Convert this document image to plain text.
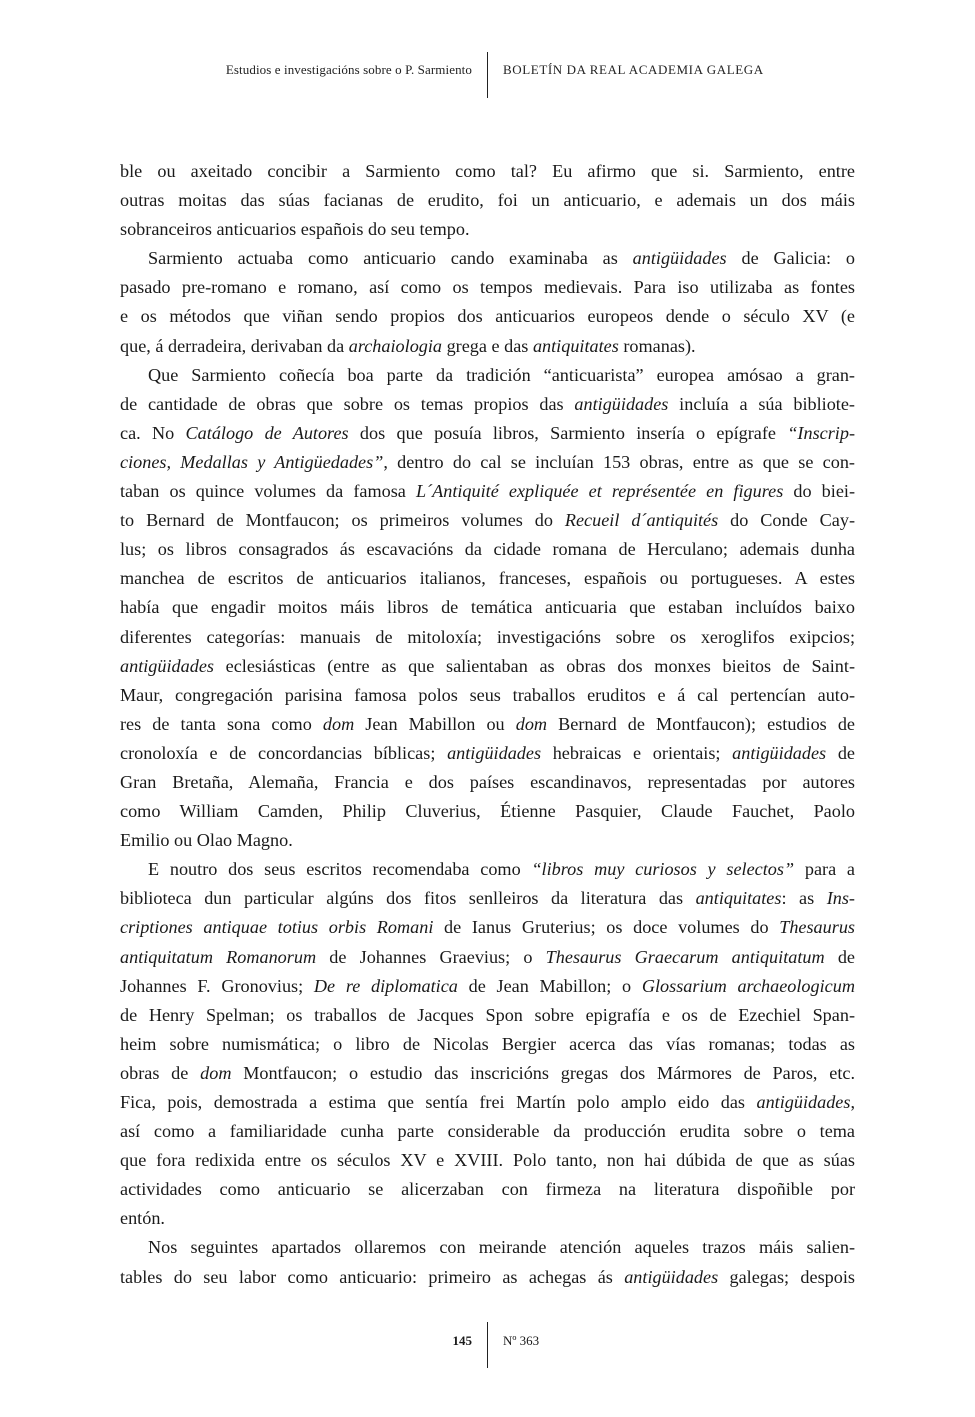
Estudios e investigacións sobre o P. Sarmiento BOLETÍN DA REAL ACADEMIA GALEGA
ble ou axeitado concibir a Sarmiento como tal? Eu afirmo que si. Sarmiento, entre
outras moitas das súas facianas de erudito, foi un anticuario, e ademais un dos máis
sobranceiros anticuarios españois do seu tempo.
Sarmiento actuaba como anticuario cando examinaba as antigüidades de Galicia: o
pasado pre-romano e romano, así como os tempos medievais. Para iso utilizaba as fontes
e os métodos que viñan sendo propios dos anticuarios europeos dende o século XV (e
que, á derradeira, derivaban da archaiologia grega e das antiquitates romanas).
Que Sarmiento coñecía boa parte da tradición “anticuarista” europea amósao a gran-
de cantidade de obras que sobre os temas propios das antigüidades incluía a súa bibliote-
ca. No Catálogo de Autores dos que posuía libros, Sarmiento insería o epígrafe “Inscrip-
ciones, Medallas y Antigüedades”, dentro do cal se incluían 153 obras, entre as que se con-
taban os quince volumes da famosa L´Antiquité expliquée et représentée en figures do biei-
to Bernard de Montfaucon; os primeiros volumes do Recueil d´antiquités do Conde Cay-
lus; os libros consagrados ás escavacións da cidade romana de Herculano; ademais dunha
manchea de escritos de anticuarios italianos, franceses, españois ou portugueses. A estes
había que engadir moitos máis libros de temática anticuaria que estaban incluídos baixo
diferentes categorías: manuais de mitoloxía; investigacións sobre os xeroglifos exipcios;
antigüidades eclesiásticas (entre as que salientaban as obras dos monxes bieitos de Saint-
Maur, congregación parisina famosa polos seus traballos eruditos e á cal pertencían auto-
res de tanta sona como dom Jean Mabillon ou dom Bernard de Montfaucon); estudios de
cronoloxía e de concordancias bíblicas; antigüidades hebraicas e orientais; antigüidades de
Gran Bretaña, Alemaña, Francia e dos países escandinavos, representadas por autores
como William Camden, Philip Cluverius, Étienne Pasquier, Claude Fauchet, Paolo
Emilio ou Olao Magno.
E noutro dos seus escritos recomendaba como “libros muy curiosos y selectos” para a
biblioteca dun particular algúns dos fitos senlleiros da literatura das antiquitates: as Ins-
criptiones antiquae totius orbis Romani de Ianus Gruterius; os doce volumes do Thesaurus
antiquitatum Romanorum de Johannes Graevius; o Thesaurus Graecarum antiquitatum de
Johannes F. Gronovius; De re diplomatica de Jean Mabillon; o Glossarium archaeologicum
de Henry Spelman; os traballos de Jacques Spon sobre epigrafía e os de Ezechiel Span-
heim sobre numismática; o libro de Nicolas Bergier acerca das vías romanas; todas as
obras de dom Montfaucon; o estudio das inscricións gregas dos Mármores de Paros, etc.
Fica, pois, demostrada a estima que sentía frei Martín polo amplo eido das antigüidades,
así como a familiaridade cunha parte considerable da producción erudita sobre o tema
que fora redixida entre os séculos XV e XVIII. Polo tanto, non hai dúbida de que as súas
actividades como anticuario se alicerzaban con firmeza na literatura dispoñible por
entón.
Nos seguintes apartados ollaremos con meirande atención aqueles trazos máis salien-
tables do seu labor como anticuario: primeiro as achegas ás antigüidades galegas; despois
145 Nº 363
